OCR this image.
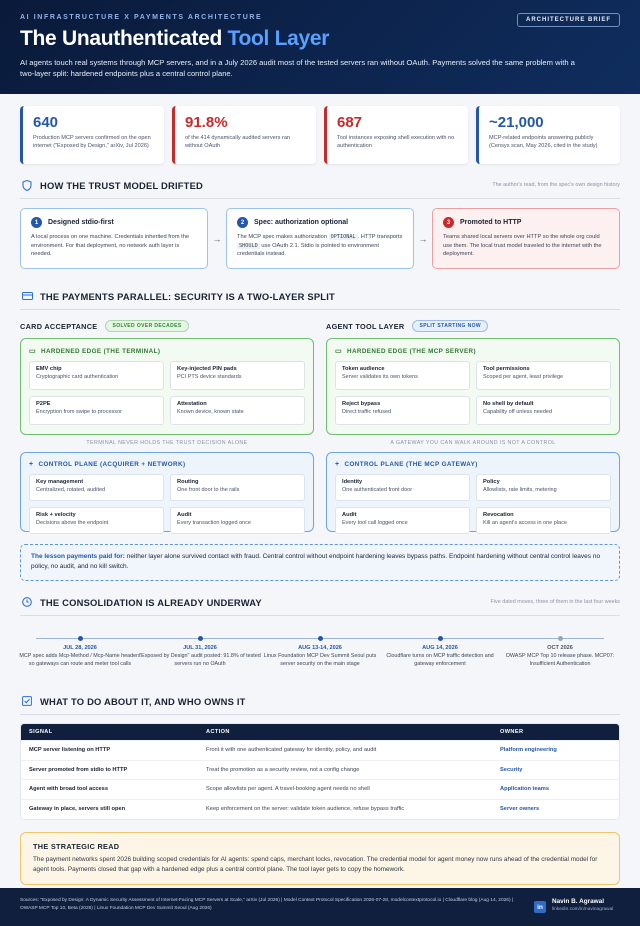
AI INFRASTRUCTURE X PAYMENTS ARCHITECTURE
The Unauthenticated Tool Layer
AI agents touch real systems through MCP servers, and in a July 2026 audit most of the tested servers ran without OAuth. Payments solved the same problem with a two-layer split: hardened endpoints plus a central control plane.
ARCHITECTURE BRIEF
640
Production MCP servers confirmed on the open internet ("Exposed by Design," arXiv, Jul 2026)
91.8%
of the 414 dynamically audited servers ran without OAuth
687
Tool instances exposing shell execution with no authentication
~21,000
MCP-related endpoints answering publicly (Censys scan, May 2026, cited in the study)
HOW THE TRUST MODEL DRIFTED	The author's read, from the spec's own design history
1	Designed stdio-first
A local process on one machine. Credentials inherited from the environment. For that deployment, no network auth layer is needed.
→
2	Spec: authorization optional
The MCP spec makes authorization OPTIONAL . HTTP transports SHOULD use OAuth 2.1. Stdio is pointed to environment credentials instead.
→
3	Promoted to HTTP
Teams shared local servers over HTTP so the whole org could use them. The local trust model traveled to the internet with the deployment.
THE PAYMENTS PARALLEL: SECURITY IS A TWO-LAYER SPLIT
CARD ACCEPTANCE	SOLVED OVER DECADES
▭ HARDENED EDGE (THE TERMINAL)
EMV chip
Cryptographic card authentication
Key-injected PIN pads
PCI PTS device standards
P2PE
Encryption from swipe to processor
Attestation
Known device, known state
TERMINAL NEVER HOLDS THE TRUST DECISION ALONE
+ CONTROL PLANE (ACQUIRER + NETWORK)
Key management
Centralized, rotated, audited
Routing
One front door to the rails
Risk + velocity
Decisions above the endpoint
Audit
Every transaction logged once
AGENT TOOL LAYER	SPLIT STARTING NOW
▭ HARDENED EDGE (THE MCP SERVER)
Token audience
Server validates its own tokens
Tool permissions
Scoped per agent, least privilege
Reject bypass
Direct traffic refused
No shell by default
Capability off unless needed
A GATEWAY YOU CAN WALK AROUND IS NOT A CONTROL
+ CONTROL PLANE (THE MCP GATEWAY)
Identity
One authenticated front door
Policy
Allowlists, rate limits, metering
Audit
Every tool call logged once
Revocation
Kill an agent's access in one place
The lesson payments paid for: neither layer alone survived contact with fraud. Central control without endpoint hardening leaves bypass paths. Endpoint hardening without central control leaves no policy, no audit, and no kill switch.
THE CONSOLIDATION IS ALREADY UNDERWAY	Five dated moves, three of them in the last four weeks
JUL 28, 2026
MCP spec adds Mcp-Method / Mcp-Name headers so gateways can route and meter tool calls
JUL 31, 2026
"Exposed by Design" audit posted: 91.8% of tested servers run no OAuth
AUG 13-14, 2026
Linux Foundation MCP Dev Summit Seoul puts server security on the main stage
AUG 14, 2026
Cloudflare turns on MCP traffic detection and gateway enforcement
OCT 2026
OWASP MCP Top 10 release phase. MCP07: Insufficient Authentication
WHAT TO DO ABOUT IT, AND WHO OWNS IT
SIGNAL	ACTION	OWNER
MCP server listening on HTTP	Front it with one authenticated gateway for identity, policy, and audit	Platform engineering
Server promoted from stdio to HTTP	Treat the promotion as a security review, not a config change	Security
Agent with broad tool access	Scope allowlists per agent. A travel-booking agent needs no shell	Application teams
Gateway in place, servers still open	Keep enforcement on the server: validate token audience, refuse bypass traffic	Server owners
THE STRATEGIC READ
The payment networks spent 2026 building scoped credentials for AI agents: spend caps, merchant locks, revocation. The credential model for agent money now runs ahead of the credential model for agent tools. Payments closed that gap with a hardened edge plus a central control plane. The tool layer gets to copy the homework.
Sources: "Exposed by Design: A Dynamic Security Assessment of Internet-Facing MCP Servers at Scale," arXiv (Jul 2026) | Model Context Protocol Specification 2026-07-28, modelcontextprotocol.io | Cloudflare blog (Aug 14, 2026) | OWASP MCP Top 10, Beta (2026) | Linux Foundation MCP Dev Summit Seoul (Aug 2026)	in
Navin B. Agrawal
linkedin.com/in/navinagrawal
